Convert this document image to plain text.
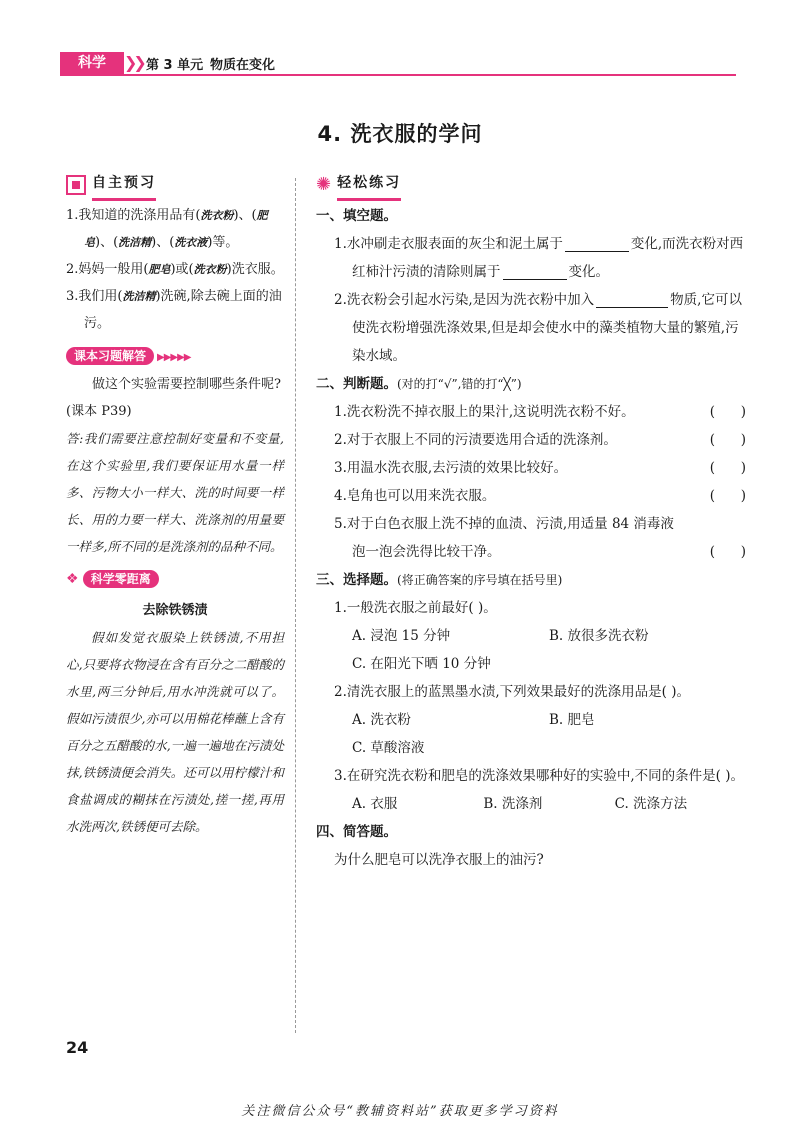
科学	❯❯ 第 3 单元 物质在变化
4. 洗衣服的学问
自主预习
1.我知道的洗涤用品有(洗衣粉)、(肥皂)、(洗洁精)、(洗衣液)等。
2.妈妈一般用(肥皂)或(洗衣粉)洗衣服。
3.我们用(洗洁精)洗碗,除去碗上面的油污。
课本习题解答 ▶▶▶▶▶
做这个实验需要控制哪些条件呢?(课本 P39)
答:我们需要注意控制好变量和不变量,在这个实验里,我们要保证用水量一样多、污物大小一样大、洗的时间要一样长、用的力要一样大、洗涤剂的用量要一样多,所不同的是洗涤剂的品种不同。
❖ 科学零距离
去除铁锈渍
假如发觉衣服染上铁锈渍,不用担心,只要将衣物浸在含有百分之二醋酸的水里,两三分钟后,用水冲洗就可以了。假如污渍很少,亦可以用棉花棒蘸上含有百分之五醋酸的水,一遍一遍地在污渍处抹,铁锈渍便会消失。还可以用柠檬汁和食盐调成的糊抹在污渍处,搓一搓,再用水洗两次,铁锈便可去除。
✺ 轻松练习
一、填空题。
1.水冲刷走衣服表面的灰尘和泥土属于	变化,而洗衣粉对西红柿汁污渍的清除则属于	变化。
2.洗衣粉会引起水污染,是因为洗衣粉中加入	物质,它可以使洗衣粉增强洗涤效果,但是却会使水中的藻类植物大量的繁殖,污染水域。
二、判断题。(对的打“√”,错的打“╳”)
1.洗衣粉洗不掉衣服上的果汁,这说明洗衣粉不好。	(      )
2.对于衣服上不同的污渍要选用合适的洗涤剂。	(      )
3.用温水洗衣服,去污渍的效果比较好。	(      )
4.皂角也可以用来洗衣服。	(      )
5.对于白色衣服上洗不掉的血渍、污渍,用适量 84 消毒液
泡一泡会洗得比较干净。	(      )
三、选择题。(将正确答案的序号填在括号里)
1.一般洗衣服之前最好( )。
A. 浸泡 15 分钟	B. 放很多洗衣粉
C. 在阳光下晒 10 分钟
2.清洗衣服上的蓝黑墨水渍,下列效果最好的洗涤用品是( )。
A. 洗衣粉	B. 肥皂
C. 草酸溶液
3.在研究洗衣粉和肥皂的洗涤效果哪种好的实验中,不同的条件是( )。
A. 衣服	B. 洗涤剂	C. 洗涤方法
四、简答题。
为什么肥皂可以洗净衣服上的油污?
24
关注微信公众号“教辅资料站”获取更多学习资料
